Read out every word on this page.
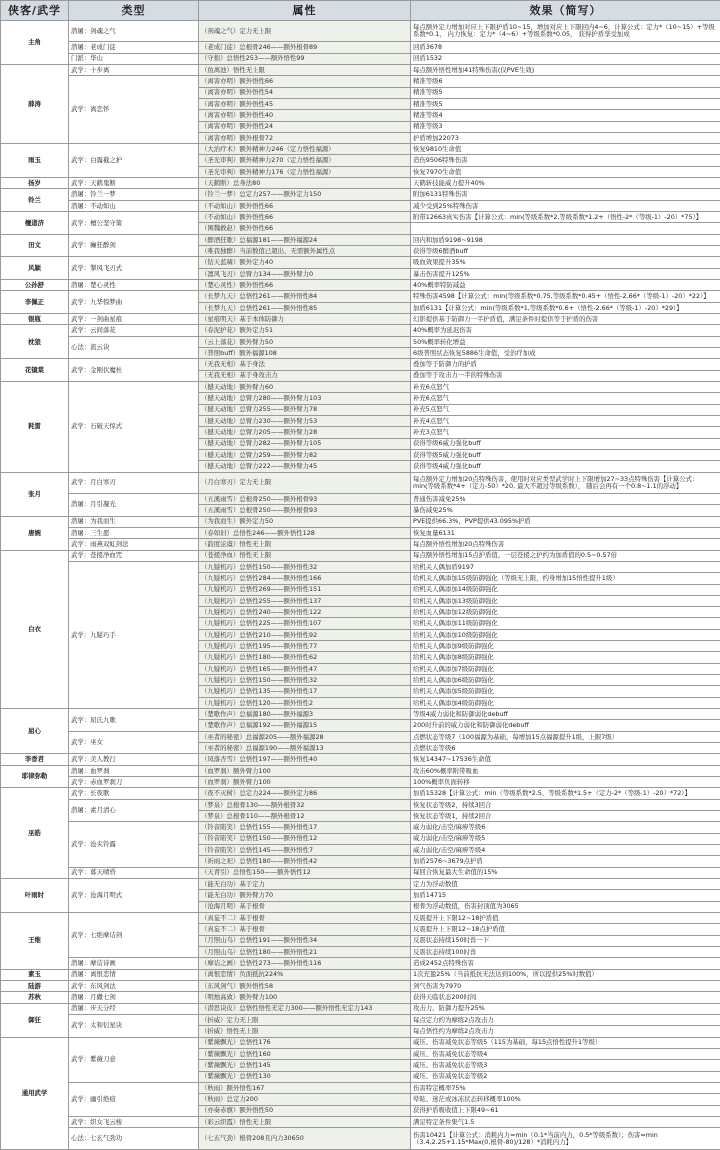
侠客/武学	类型	属性	效果（简写）
主角	潜屠：剑魂之气	（剑魂之气）定力无上限	每点额外定力增加对应上下限护盾10~15，增加对应上下限回内4~6，计算公式：定力*（10~15）+等级系数*0.1， 内力恢复：定力*（4~6）+等级系数*0.05， 获得护盾享受加成
	潜屠：老成门徒	（老成门徒）总根骨246——额外根骨89	回盾3678
	门派：华山	（守拙）总悟性253——额外悟性99	回盾1532
薛涛	武学：十步离	（鱼离池）悟性无上限	每点额外悟性增加41特殊伤害(仅PVE生效)
	武学：离恋怀	（离害亦明）额外悟性66	精准等级6
		（离害亦明）额外悟性54	精准等级5
		（离害亦明）额外悟性45	精准等级5
		（离害亦明）额外悟性40	精准等级4
		（离害亦明）额外悟性24	精准等级3
		（离害亦明）额外根骨72	护盾增加22073
雨玉	武学：白露截之护	（大治疗术）额外精神力246（定力悟性福源）	恢复9810生命值
		（圣光审判）额外精神力270（定力悟性福源）	造伤9506特殊伤害
		（圣光审判）额外精神力176（定力悟性福源）	恢复7970生命值
扬岁	武学：天鹤鬼断	（天鹤断）总身法80	天鹤斩技能威力提升40%
铃兰	潜屠：铃兰一梦	（铃兰一梦）总定力257——额外定力150	附加6131特殊伤害
	潜屠：不动如山	（不动如山）额外悟性66	减少受到25%特殊伤害
檀道济	武学：檀公坚守策	（不动如山）额外悟性66	附带12663真实伤害【计算公式：min(等级系数*2,等级系数*1.2+（悟性-2*（等级-1）-20）*75）】
		（围魏救赵）额外悟性66	
田文	武学：癫狂醉剑	（醉酒狂歌）总福源181——额外福源24	回内和加盾9198~9198
		（唯我独醉）当前数值已超出，无需额外属性点	获得等级6醉酒buff
风颖	武学：掣风飞刃式	（钻天蓝啸）额外定力40	吸血效果提升35%
		（凛风飞刃）总臂力134——额外臂力0	暴击伤害提升125%
公孙舒	潜屠：楚心灵性	（楚心灵性）额外悟性66	40%概率特防减益
李佩正	武学：九华惊梦曲	（长梦九天）总悟性261——额外悟性84	特殊伤害4598【计算公式：min(等级系数*0.75,等级系数*0.45+（悟性-2.66*（等级-1）-20）*22）】
		（长梦九天）总悟性261——额外悟性85	加盾6131【计算公式：min(等级系数*1,等级系数*0.6+（悟性-2.66*（等级-1）-20）*29）】
银瓶	武学：一剑曲星痕	（星痕明天）基于本体防御力	幻影提供基于防御力一半护盾值，满足条件时提供等于护盾的伤害
枕狼	武学：云间落花	（春泥护花）额外定力51	40%概率为延迟伤害
	心法：流云诀	（云上落花）额外臂力50	50%概率转化增益
		（普照buff）额外福源108	6级普照状态恢复5886生命值，受治疗加成
花镜棠	武学：金刚伏魔杜	（无我无相）基于身法	叠加等于防御力的护盾
		（无我无相）基于身攻击力	叠加等于攻击力一半的特殊伤害
耗雷	武学：石破天惊式	（撼天动地）额外臂力60	补充6点怒气
		（撼天动地）总臂力280——额外臂力103	补充6点怒气
		（撼天动地）总臂力255——额外臂力78	补充5点怒气
		（撼天动地）总臂力230——额外臂力53	补充4点怒气
		（撼天动地）总臂力205——额外臂力28	补充3点怒气
		（撼天动地）总臂力282——额外臂力105	获得等级6威力强化buff
		（撼天动地）总臂力259——额外臂力82	获得等级5威力强化buff
		（撼天动地）总臂力222——额外臂力45	获得等级4威力强化buff
张月	武学：月白寒刃	（月白寒刃）定力无上限	每点额外定力增加20点特殊伤害，使用时对应类型武学时上下限增加27~33点特殊伤害【计算公式：min(等级系数*4+（定力-50）*20, 最大不超过等级系数）， 随后会再有一个0.8~1.1的浮动】
	潜屠：月引凝光	（五溪雨雪）总根骨250——额外根骨93	普通伤害减免25%
		（五溪雨雪）总根骨250——额外根骨93	暴伤减免25%
唐婉	潜屠：为我而生	（为我而生）额外定力50	PVE提供66.3%，PVP提供43.095%护盾
	潜屠：三生愿	（春如旧）总悟性246——额外悟性128	恢复血量6131
	武学：雨燕双虹剑法	（韵度泫虞）悟性无上限	每点额外悟性增加20点特殊伤害
白衣	武学：苍援净血咒	（苍援净血）悟性无上限	每点额外悟性增加15点护盾值，一层苍援之护约为加盾值的0.5~0.57倍
	武学：九疑巧手	（九疑机巧）总悟性150——额外悟性32	给机关人偶加盾9197
		（九疑机巧）总悟性284——额外悟性166	给机关人偶添加15级防御强化（等级无上限，约身增加15悟性提升1级）
		（九疑机巧）总悟性269——额外悟性151	给机关人偶添加14级防御强化
		（九疑机巧）总悟性255——额外悟性137	给机关人偶添加13级防御强化
		（九疑机巧）总悟性240——额外悟性122	给机关人偶添加12级防御强化
		（九疑机巧）总悟性225——额外悟性107	给机关人偶添加11级防御强化
		（九疑机巧）总悟性210——额外悟性92	给机关人偶添加10级防御强化
		（九疑机巧）总悟性195——额外悟性77	给机关人偶添加9级防御强化
		（九疑机巧）总悟性180——额外悟性62	给机关人偶添加8级防御强化
		（九疑机巧）总悟性165——额外悟性47	给机关人偶添加7级防御强化
		（九疑机巧）总悟性150——额外悟性32	给机关人偶添加6级防御强化
		（九疑机巧）总悟性135——额外悟性17	给机关人偶添加5级防御强化
		（九疑机巧）总悟性120——额外悟性2	给机关人偶添加4级防御强化
屈心	武学：屈氏九歌	（楚歌作声）总福源180——额外福源3	等级4威力弱化和防御弱化debuff
		（楚歌作声）总福源192——额外福源15	200时升前的威力弱化和防御弱化debuff
	武学：巫女	（巫者的秘密）总福源205——额外福源28	点燃状态等级7（100福源为基础，每增加15点福源提升1级，上限7级）
		（巫者的秘密）总福源190——额外福源13	点燃状态等级6
李香君	武学：美人教行	（凤落杏雪）总悟性197——额外悟性40	恢复14347~17536生命值
耶律弥勒	潜屠：血罗刹	（血罗刹）额外臂力100	攻击60%概率附带吸血
	武学：赤血罗刹刀	（血罗刹）额外臂力100	100%概率负面转移
巫皓	武学：长夜歌	（夜不灭树）总定力224——额外定力86	加盾15328【计算公式：min（等级系数*2.5，等级系数*1.5+（定力-2*（等级-1）-20）*72）】
	潜屠：素月清心	（梦泉）总根骨130——额外根骨32	恢复状态等级2，持续3回合
		（梦泉）总根骨110——额外根骨12	恢复状态等级1，持续2回合
	武学：沧夹铃露	（铃音陷笑）总悟性155——额外悟性17	威力弱化/击空/麻痹等级6
		（铃音陷笑）总悟性150——额外悟性12	威力弱化/击空/麻痹等级5
		（铃音陷笑）总悟性145——额外悟性7	威力弱化/击空/麻痹等级4
		（祈雨之祀）总悟性180——额外悟性42	加盾2576~3679点护盾
	武学：暮天晴昏	（天青引）总悟性150——额外悟性12	每回合恢复最大生命值的15%
叶雨时	武学：沧海月明式	（能无白功）基于定力	定力为浮动数值
		（能无白功）额外臂力70	加盾14715
		（沧海月明）基于根骨	根骨为浮动数值，伤害封顶值为3065
王维	武学：七绝摩诘剑	（真妄不二）基于根骨	反震提升上下限12~18护盾值
		（真妄不二）基于根骨	反震提升上下限12~18点护盾值
		（月照山乌）总悟性191——额外悟性34	反震状态持续150时兽一下
		（月照山乌）总悟性180——额外悟性21	反震状态持续100时兽
	潜屠：摩诘诗画	（摩诘之画）总悟性273——额外悟性116	造成2452点特殊伤害
素玉	潜屠：离恨恋情	（离恨恋情）负面抵抗224%	1次充盈25%（当前抵抗无法达到100%，所以提供25%时数值）
陆游	武学：东风剑法	（东风剑气）额外悟性58	剑气伤害为7970
苏秋	潜屠：月繖七剑	（明烛高致）额外臂力100	获得天临状态200时间
御狂	潜屠：步天分经	（潜思诀皮）总悟性悟性无定力300——额外悟性无定力143	攻击力、防御力提升25%
	武学：太和衍星诀	（折威）定力无上限	每点定力约为摩练2点攻击力
		（折威）悟性无上限	每点悟性约为摩练2点攻击力
通用武学	武学：紫薇刀意	（紫薇飘光）总悟性176	威压、伤害减免状态等级5（115为基础，每15点悟性提升1等级）
		（紫薇飘光）总悟性160	威压、伤害减免状态等级4
		（紫薇飘光）总悟性145	威压、伤害减免状态等级3
		（紫薇飘光）总悟性130	威压、伤害减免状态等级2
	武学：幽引绝痕	（秋雨）额外悟性167	伤害特定概率75%
		（秋雨）总定力200	晕眩、迷茫或冰冻状态转移概率100%
		（亦奏赤旗）额外悟性50	获得护盾吸收值上下限49~61
	武学：织女飞云梭	（彩云织霞）悟性无上限	满足特定条件集气1.5
	心法：七玄气劲功	（七玄气劲）根骨208且内力30650	伤害10421【计算公式：消耗内力=min（0.1*当前内力，0.5*等级系数）；伤害=min（3.4,2.25+1.15*Max(0,根骨-80)/128）*消耗内力】
